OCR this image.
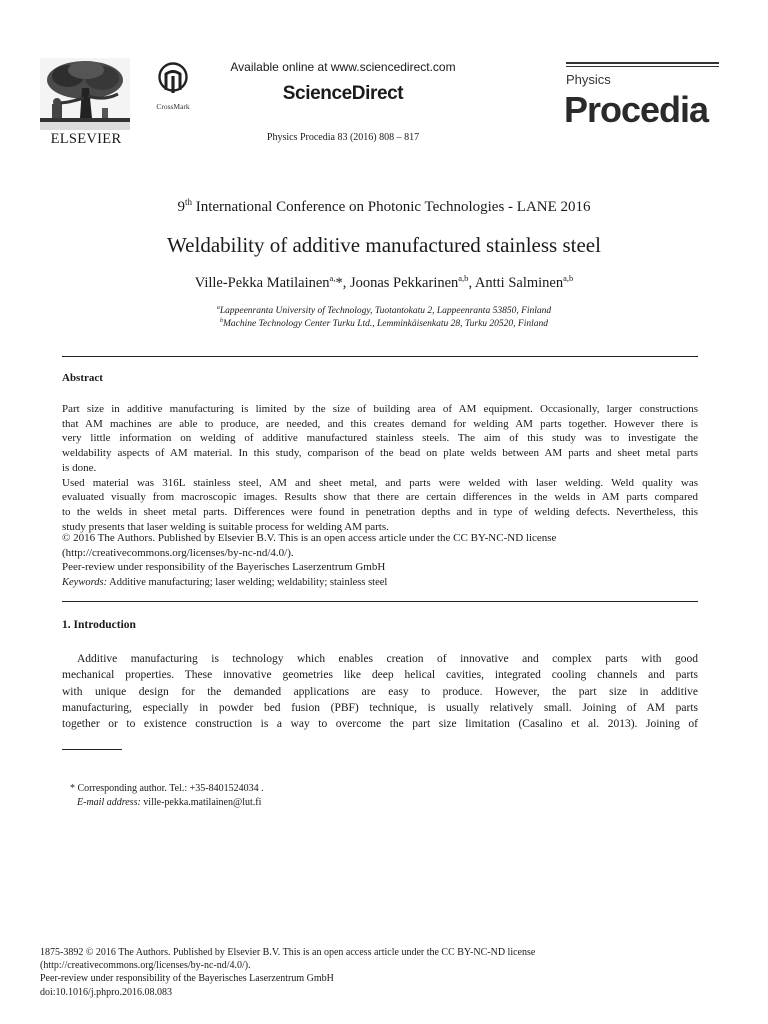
ELSEVIER
CrossMark
Available online at www.sciencedirect.com
ScienceDirect
Physics Procedia 83 (2016) 808 – 817
Physics
Procedia
9th International Conference on Photonic Technologies - LANE 2016
Weldability of additive manufactured stainless steel
Ville-Pekka Matilainen$^{a,}$*, Joonas Pekkarinen$^{a,b}$, Antti Salminen$^{a,b}$
$^a$Lappeenranta University of Technology, Tuotantokatu 2, Lappeenranta 53850, Finland
$^b$Machine Technology Center Turku Ltd., Lemminkäisenkatu 28, Turku 20520, Finland
Abstract
Part size in additive manufacturing is limited by the size of building area of AM equipment. Occasionally, larger constructions
that AM machines are able to produce, are needed, and this creates demand for welding AM parts together. However there is
very little information on welding of additive manufactured stainless steels. The aim of this study was to investigate the
weldability aspects of AM material. In this study, comparison of the bead on plate welds between AM parts and sheet metal parts
is done.
Used material was 316L stainless steel, AM and sheet metal, and parts were welded with laser welding. Weld quality was
evaluated visually from macroscopic images. Results show that there are certain differences in the welds in AM parts compared
to the welds in sheet metal parts. Differences were found in penetration depths and in type of welding defects. Nevertheless, this
study presents that laser welding is suitable process for welding AM parts.
© 2016 The Authors. Published by Elsevier B.V. This is an open access article under the CC BY-NC-ND license
(http://creativecommons.org/licenses/by-nc-nd/4.0/).
Peer-review under responsibility of the Bayerisches Laserzentrum GmbH
Keywords: Additive manufacturing; laser welding; weldability; stainless steel
1. Introduction
Additive manufacturing is technology which enables creation of innovative and complex parts with good
mechanical properties. These innovative geometries like deep helical cavities, integrated cooling channels and parts
with unique design for the demanded applications are easy to produce. However, the part size in additive
manufacturing, especially in powder bed fusion (PBF) technique, is usually relatively small. Joining of AM parts
together or to existence construction is a way to overcome the part size limitation (Casalino et al. 2013). Joining of
* Corresponding author. Tel.: +35-8401524034 .
E-mail address: ville-pekka.matilainen@lut.fi
1875-3892 © 2016 The Authors. Published by Elsevier B.V. This is an open access article under the CC BY-NC-ND license
(http://creativecommons.org/licenses/by-nc-nd/4.0/).
Peer-review under responsibility of the Bayerisches Laserzentrum GmbH
doi:10.1016/j.phpro.2016.08.083
